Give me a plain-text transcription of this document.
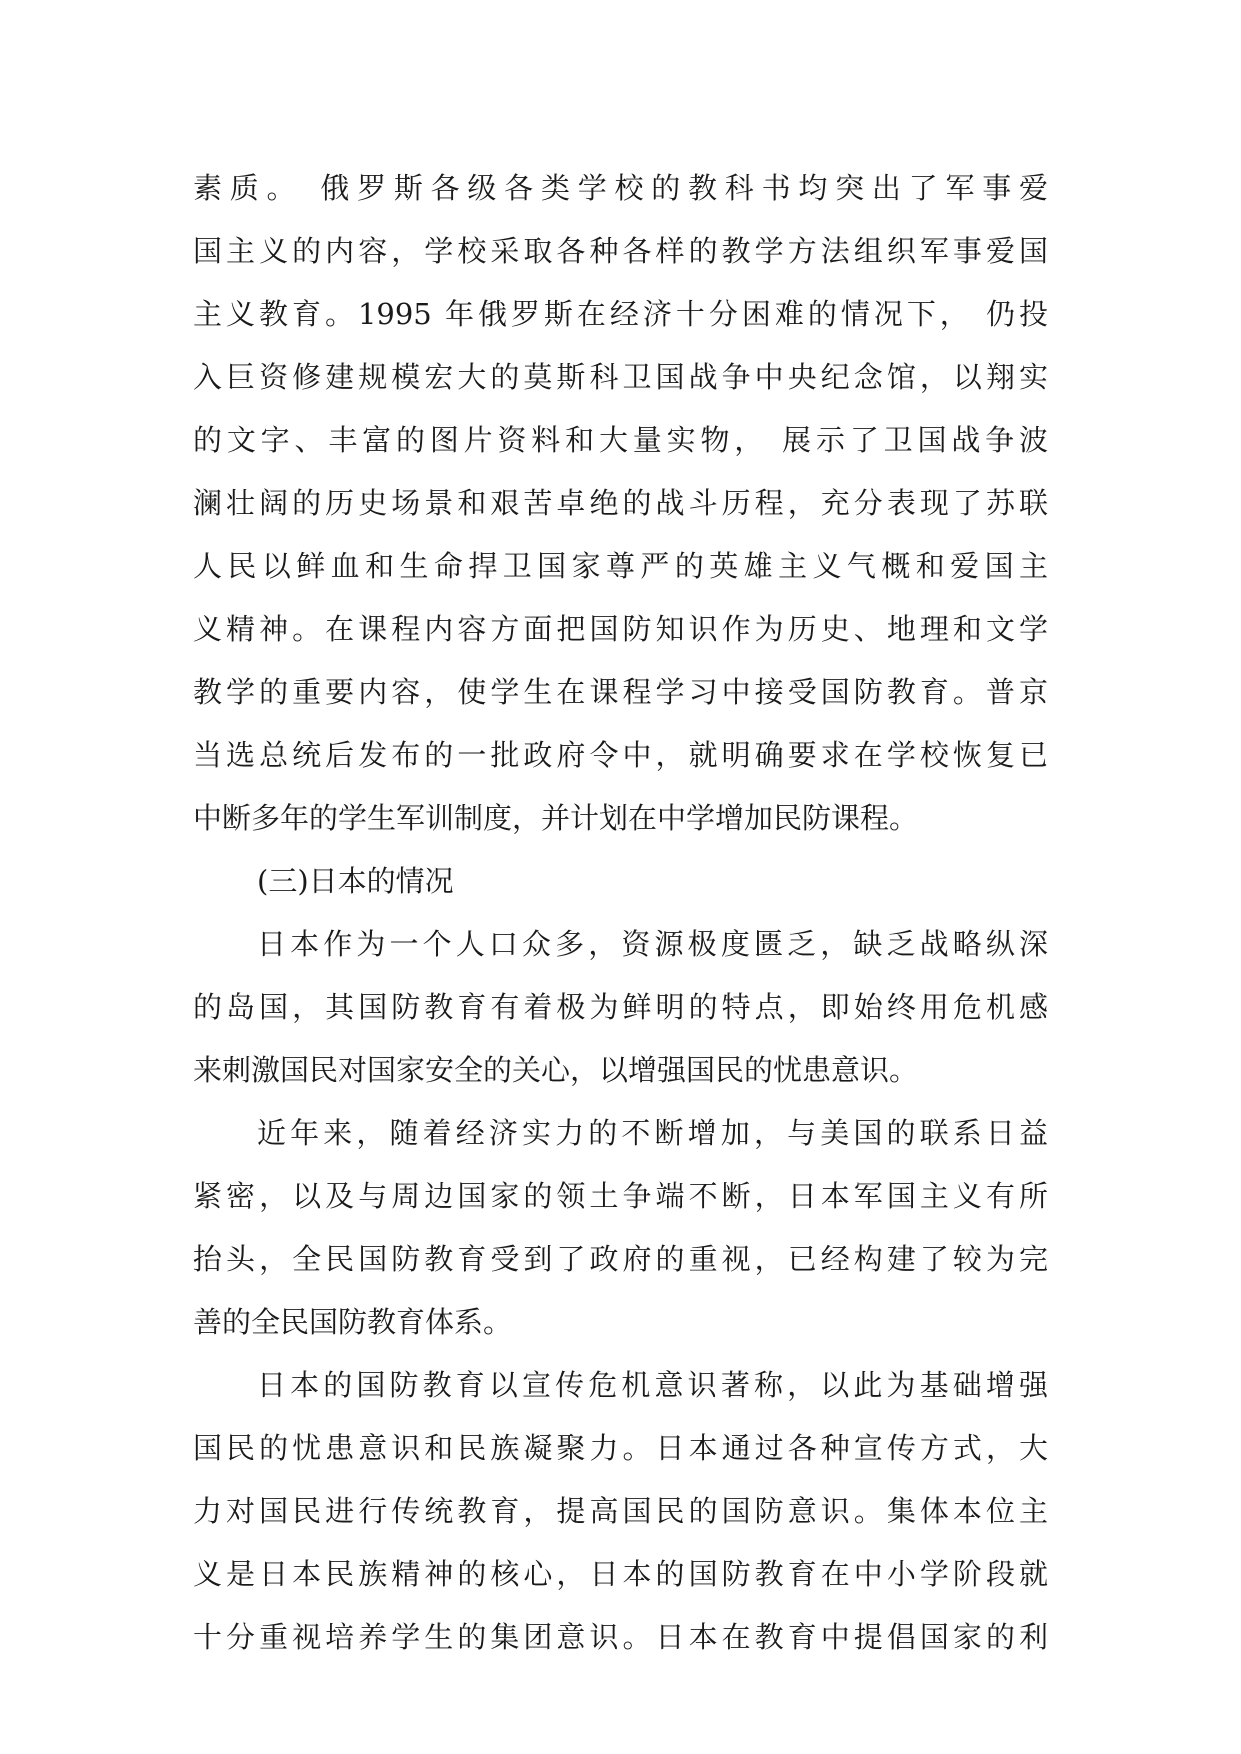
素质。 俄罗斯各级各类学校的教科书均突出了军事爱
国主义的内容，学校采取各种各样的教学方法组织军事爱国
主义教育。1995 年俄罗斯在经济十分困难的情况下， 仍投
入巨资修建规模宏大的莫斯科卫国战争中央纪念馆，以翔实
的文字、丰富的图片资料和大量实物， 展示了卫国战争波
澜壮阔的历史场景和艰苦卓绝的战斗历程，充分表现了苏联
人民以鲜血和生命捍卫国家尊严的英雄主义气概和爱国主
义精神。在课程内容方面把国防知识作为历史、地理和文学
教学的重要内容，使学生在课程学习中接受国防教育。普京
当选总统后发布的一批政府令中，就明确要求在学校恢复已
中断多年的学生军训制度，并计划在中学增加民防课程。
(三)日本的情况
日本作为一个人口众多，资源极度匮乏，缺乏战略纵深
的岛国，其国防教育有着极为鲜明的特点，即始终用危机感
来刺激国民对国家安全的关心，以增强国民的忧患意识。
近年来，随着经济实力的不断增加，与美国的联系日益
紧密，以及与周边国家的领土争端不断，日本军国主义有所
抬头，全民国防教育受到了政府的重视，已经构建了较为完
善的全民国防教育体系。
日本的国防教育以宣传危机意识著称，以此为基础增强
国民的忧患意识和民族凝聚力。日本通过各种宣传方式，大
力对国民进行传统教育，提高国民的国防意识。集体本位主
义是日本民族精神的核心，日本的国防教育在中小学阶段就
十分重视培养学生的集团意识。日本在教育中提倡国家的利
